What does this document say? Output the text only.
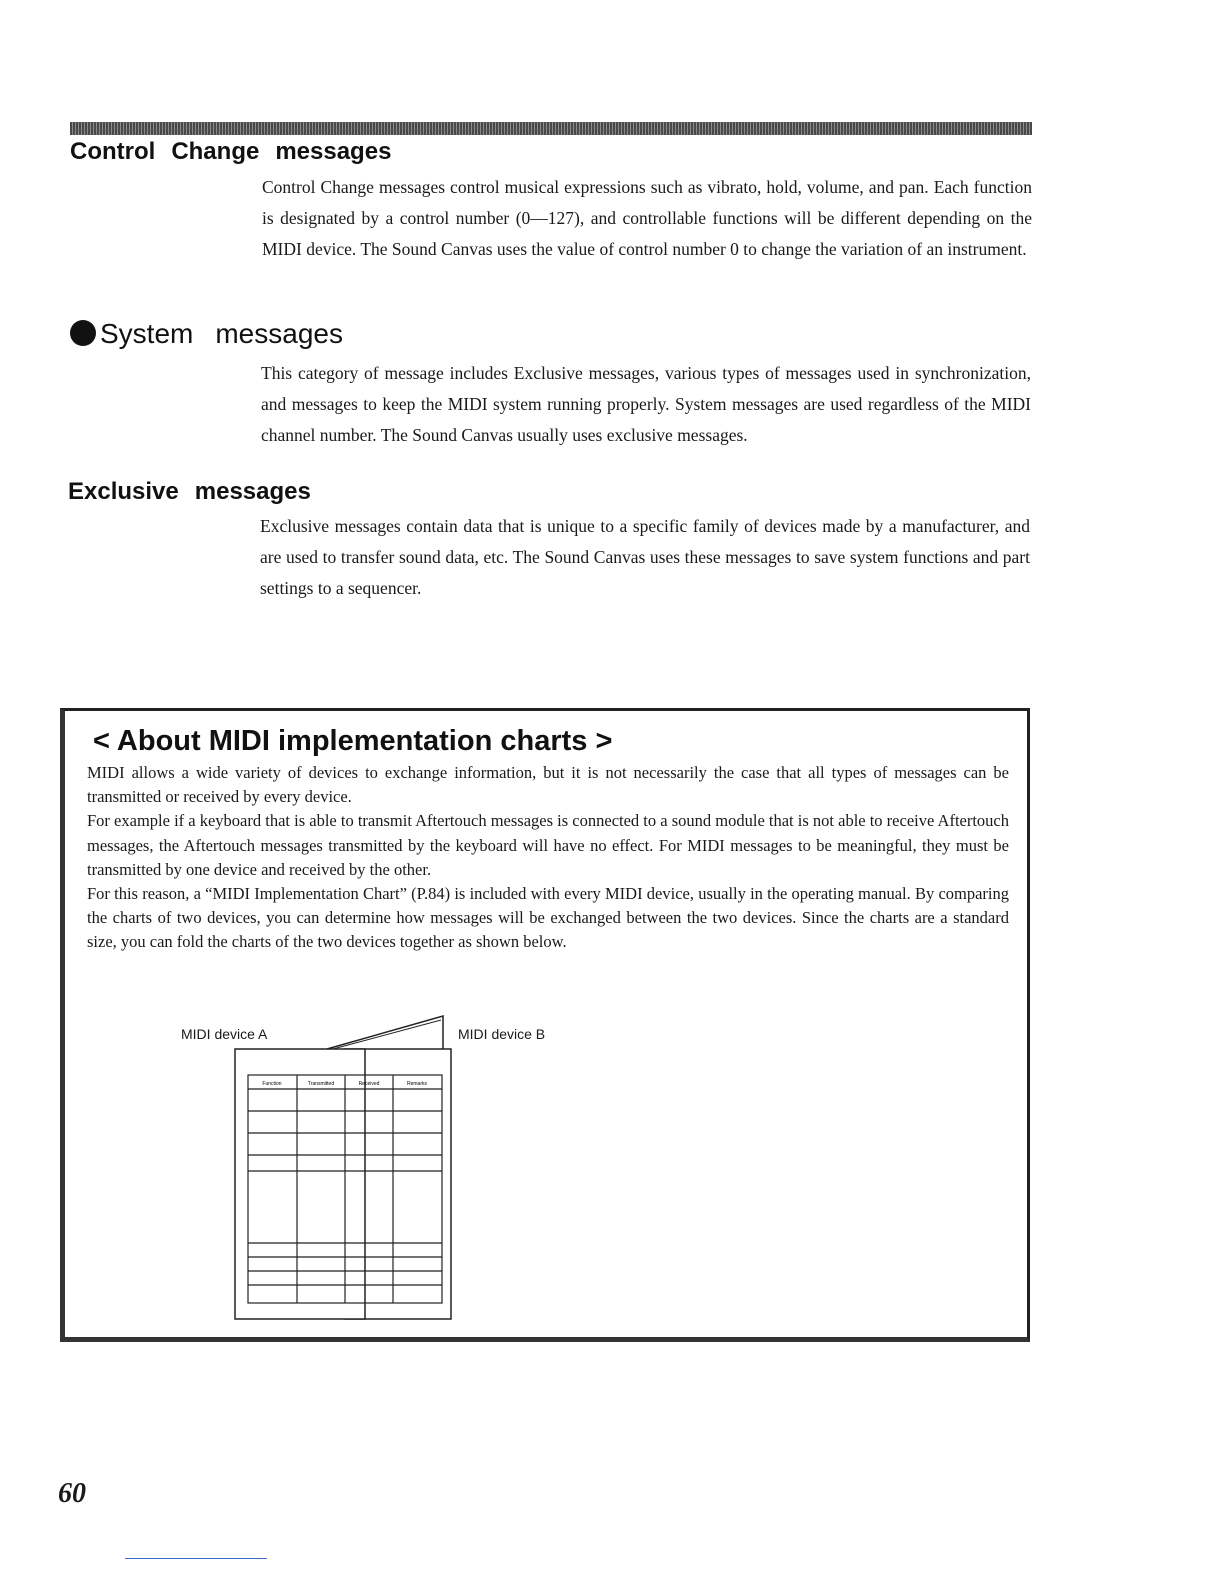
Control Change messages

Control Change messages control musical expressions such as vibrato, hold, volume, and pan. Each function is designated by a control number (0—127), and controllable functions will be different depending on the MIDI device. The Sound Canvas uses the value of control number 0 to change the variation of an instrument.

System messages

This category of message includes Exclusive messages, various types of messages used in synchronization, and messages to keep the MIDI system running properly. System messages are used regardless of the MIDI channel number. The Sound Canvas usually uses exclusive messages.

Exclusive messages

Exclusive messages contain data that is unique to a specific family of devices made by a manufacturer, and are used to transfer sound data, etc. The Sound Canvas uses these messages to save system functions and part settings to a sequencer.

< About MIDI implementation charts >

MIDI allows a wide variety of devices to exchange information, but it is not necessarily the case that all types of messages can be transmitted or received by every device.

For example if a keyboard that is able to transmit Aftertouch messages is connected to a sound module that is not able to receive Aftertouch messages, the Aftertouch messages transmitted by the keyboard will have no effect. For MIDI messages to be meaningful, they must be transmitted by one device and received by the other.

For this reason, a “MIDI Implementation Chart” (P.84) is included with every MIDI device, usually in the operating manual. By comparing the charts of two devices, you can determine how messages will be exchanged between the two devices. Since the charts are a standard size, you can fold the charts of the two devices together as shown below.

MIDI device A	MIDI device B

Function	Transmitted	Received	Remarks

60
